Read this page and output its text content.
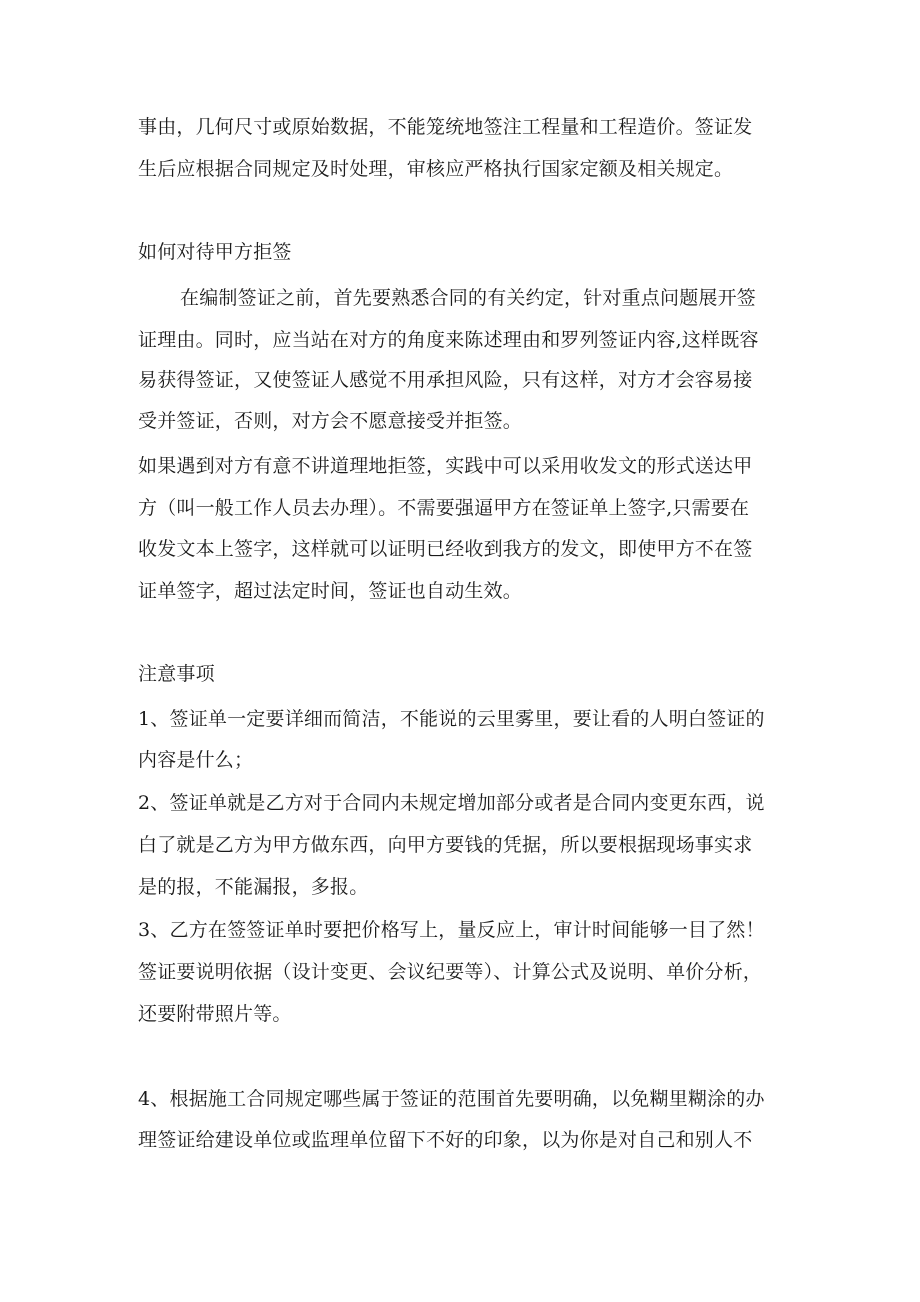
事由，几何尺寸或原始数据，不能笼统地签注工程量和工程造价。签证发
生后应根据合同规定及时处理，审核应严格执行国家定额及相关规定。
如何对待甲方拒签
在编制签证之前，首先要熟悉合同的有关约定，针对重点问题展开签
证理由。同时，应当站在对方的角度来陈述理由和罗列签证内容,这样既容
易获得签证，又使签证人感觉不用承担风险，只有这样，对方才会容易接
受并签证，否则，对方会不愿意接受并拒签。
如果遇到对方有意不讲道理地拒签，实践中可以采用收发文的形式送达甲
方（叫一般工作人员去办理）。不需要强逼甲方在签证单上签字,只需要在
收发文本上签字，这样就可以证明已经收到我方的发文，即使甲方不在签
证单签字，超过法定时间，签证也自动生效。
注意事项
1、签证单一定要详细而简洁，不能说的云里雾里，要让看的人明白签证的
内容是什么；
2、签证单就是乙方对于合同内未规定增加部分或者是合同内变更东西，说
白了就是乙方为甲方做东西，向甲方要钱的凭据，所以要根据现场事实求
是的报，不能漏报，多报。
3、乙方在签签证单时要把价格写上，量反应上，审计时间能够一目了然！
签证要说明依据（设计变更、会议纪要等）、计算公式及说明、单价分析，
还要附带照片等。
4、根据施工合同规定哪些属于签证的范围首先要明确，以免糊里糊涂的办
理签证给建设单位或监理单位留下不好的印象，以为你是对自己和别人不
